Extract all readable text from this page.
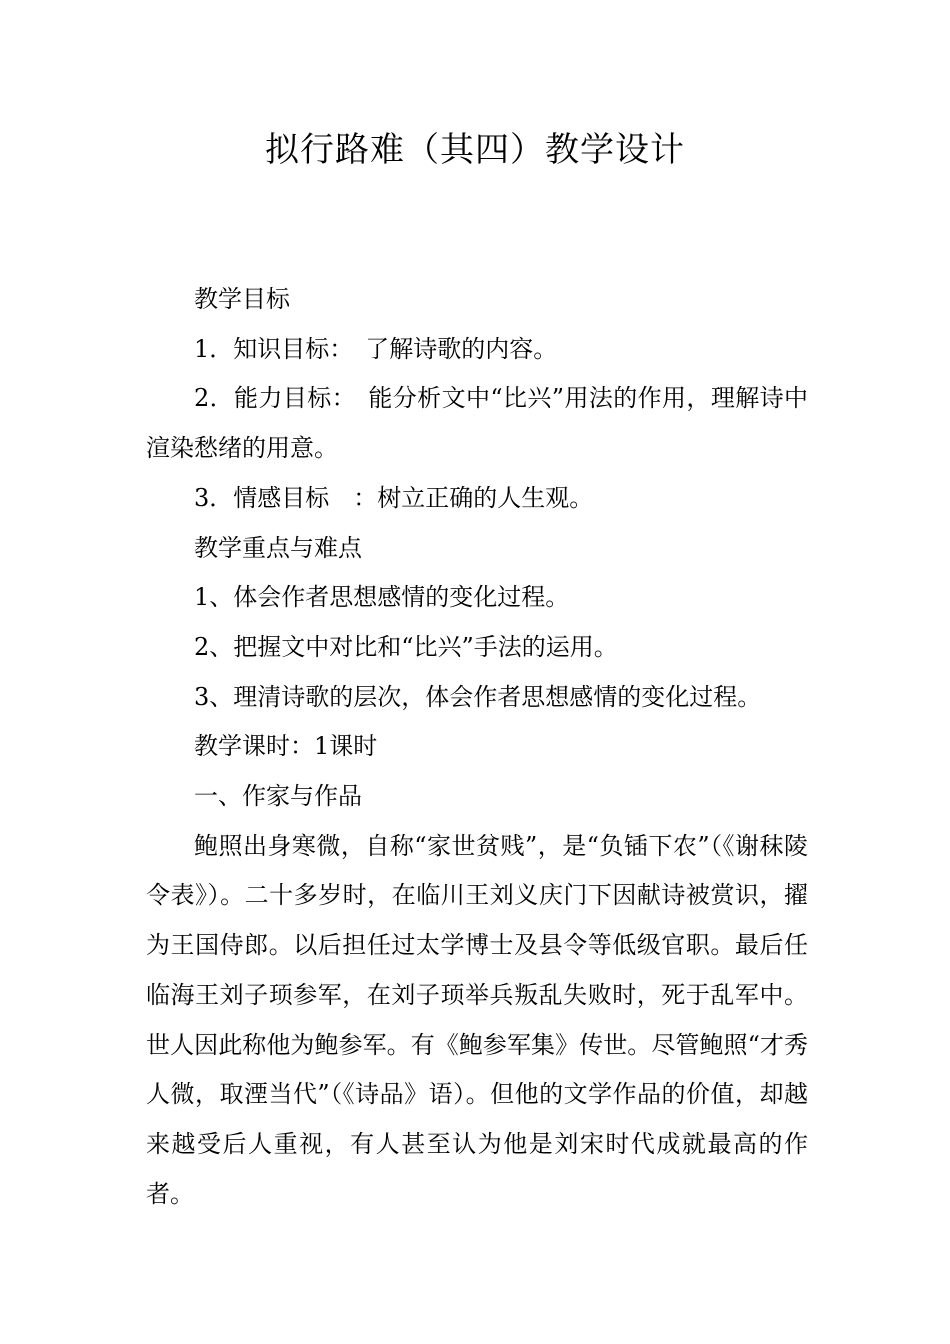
拟行路难（其四）教学设计

教学目标

1．知识目标：　了解诗歌的内容。

2．能力目标：　能分析文中“比兴”用法的作用，理解诗中渲染愁绪的用意。

3．情感目标　：树立正确的人生观。

教学重点与难点

1、体会作者思想感情的变化过程。

2、把握文中对比和“比兴”手法的运用。

3、理清诗歌的层次，体会作者思想感情的变化过程。

教学课时：1课时

一、作家与作品

鲍照出身寒微，自称“家世贫贱”，是“负锸下农”（《谢秣陵令表》）。二十多岁时，在临川王刘义庆门下因献诗被赏识，擢为王国侍郎。以后担任过太学博士及县令等低级官职。最后任临海王刘子顼参军，在刘子顼举兵叛乱失败时，死于乱军中。世人因此称他为鲍参军。有《鲍参军集》传世。尽管鲍照“才秀人微，取湮当代”（《诗品》语）。但他的文学作品的价值，却越来越受后人重视，有人甚至认为他是刘宋时代成就最高的作者。
